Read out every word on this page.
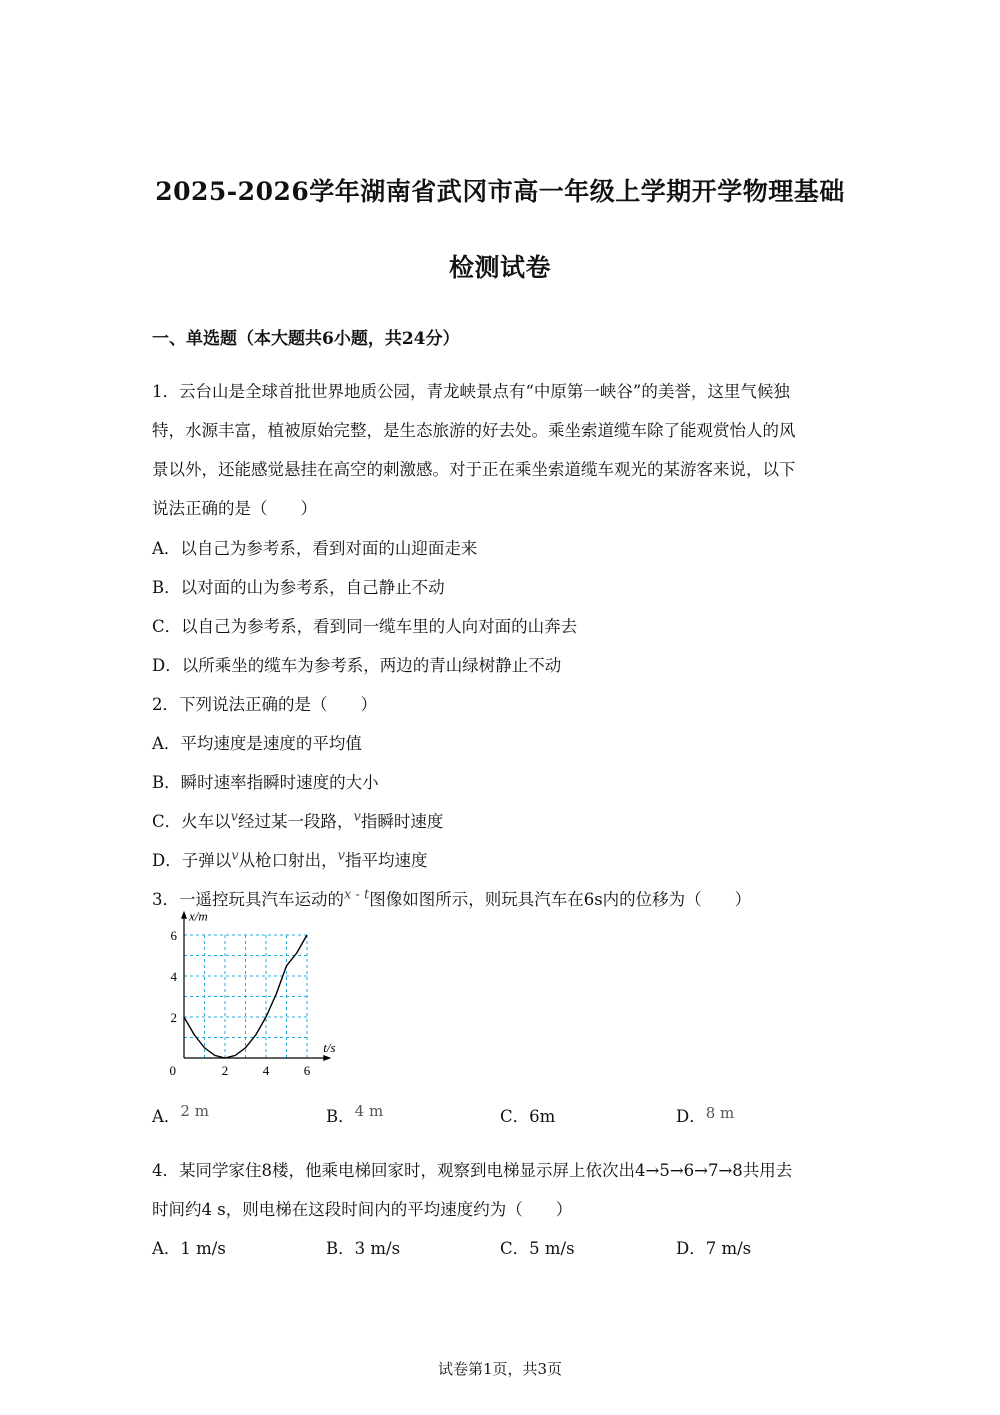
2025-2026学年湖南省武冈市高一年级上学期开学物理基础
检测试卷
一、单选题（本大题共6小题，共24分）
1．云台山是全球首批世界地质公园，青龙峡景点有“中原第一峡谷”的美誉，这里气候独
特，水源丰富，植被原始完整，是生态旅游的好去处。乘坐索道缆车除了能观赏怡人的风
景以外，还能感觉悬挂在高空的刺激感。对于正在乘坐索道缆车观光的某游客来说，以下
说法正确的是（　　）
A．以自己为参考系，看到对面的山迎面走来
B．以对面的山为参考系，自己静止不动
C．以自己为参考系，看到同一缆车里的人向对面的山奔去
D．以所乘坐的缆车为参考系，两边的青山绿树静止不动
2．下列说法正确的是（　　）
A．平均速度是速度的平均值
B．瞬时速率指瞬时速度的大小
C．火车以$^v$经过某一段路，$^v$指瞬时速度
D．子弹以$^v$从枪口射出，$^v$指平均速度
3．一遥控玩具汽车运动的$^{x - t}$图像如图所示，则玩具汽车在6s内的位移为（　　）
2	4	6
2
4
6
0
t/s
x/m
A．2 m	B．4 m	C．6m	D．8 m
4．某同学家住8楼，他乘电梯回家时，观察到电梯显示屏上依次出4→5→6→7→8共用去
时间约4 s，则电梯在这段时间内的平均速度约为（　　）
A．1 m/s	B．3 m/s	C．5 m/s	D．7 m/s
试卷第1页，共3页
